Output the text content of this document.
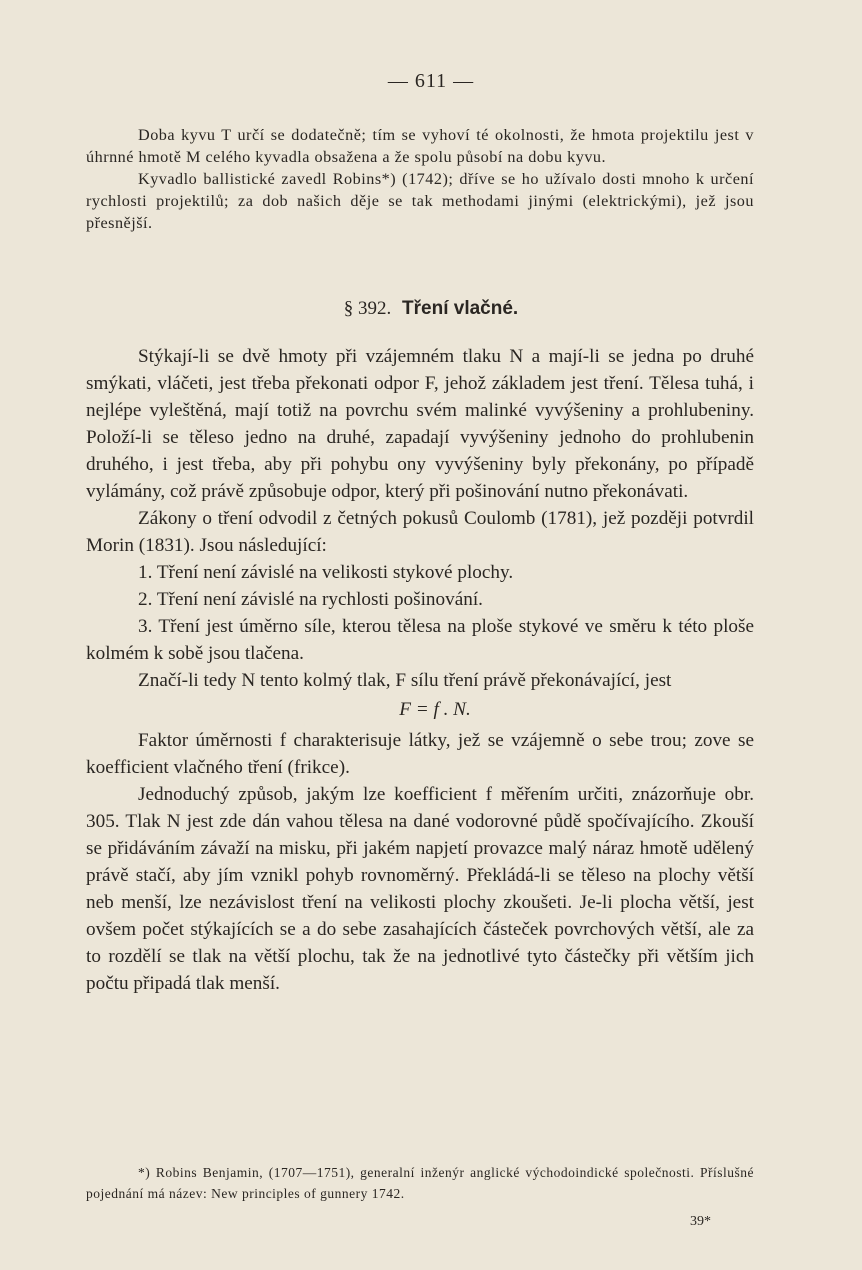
— 611 —

Doba kyvu T určí se dodatečně; tím se vyhoví té okolnosti, že hmota projektilu jest v úhrnné hmotě M celého kyvadla obsažena a že spolu působí na dobu kyvu.

Kyvadlo ballistické zavedl Robins*) (1742); dříve se ho užívalo dosti mnoho k určení rychlosti projektilů; za dob našich děje se tak methodami jinými (elektrickými), jež jsou přesnější.

§ 392. Tření vlačné.

Stýkají-li se dvě hmoty při vzájemném tlaku N a mají-li se jedna po druhé smýkati, vláčeti, jest třeba překonati odpor F, jehož základem jest tření. Tělesa tuhá, i nejlépe vyleštěná, mají totiž na povrchu svém malinké vyvýšeniny a prohlubeniny. Položí-li se těleso jedno na druhé, zapadají vyvýšeniny jednoho do prohlubenin druhého, i jest třeba, aby při pohybu ony vyvýšeniny byly překonány, po případě vylámány, což právě způsobuje odpor, který při pošinování nutno překonávati.

Zákony o tření odvodil z četných pokusů Coulomb (1781), jež později potvrdil Morin (1831). Jsou následující:

1. Tření není závislé na velikosti stykové plochy.

2. Tření není závislé na rychlosti pošinování.

3. Tření jest úměrno síle, kterou tělesa na ploše stykové ve směru k této ploše kolmém k sobě jsou tlačena.

Značí-li tedy N tento kolmý tlak, F sílu tření právě překonávající, jest

F = f . N.

Faktor úměrnosti f charakterisuje látky, jež se vzájemně o sebe trou; zove se koefficient vlačného tření (frikce).

Jednoduchý způsob, jakým lze koefficient f měřením určiti, znázorňuje obr. 305. Tlak N jest zde dán vahou tělesa na dané vodorovné půdě spočívajícího. Zkouší se přidáváním závaží na misku, při jakém napjetí provazce malý náraz hmotě udělený právě stačí, aby jím vznikl pohyb rovnoměrný. Překládá-li se těleso na plochy větší neb menší, lze nezávislost tření na velikosti plochy zkoušeti. Je-li plocha větší, jest ovšem počet stýkajících se a do sebe zasahajících částeček povrchových větší, ale za to rozdělí se tlak na větší plochu, tak že na jednotlivé tyto částečky při větším jich počtu připadá tlak menší.

*) Robins Benjamin, (1707—1751), generalní inženýr anglické východoindické společnosti. Příslušné pojednání má název: New principles of gunnery 1742.

39*
